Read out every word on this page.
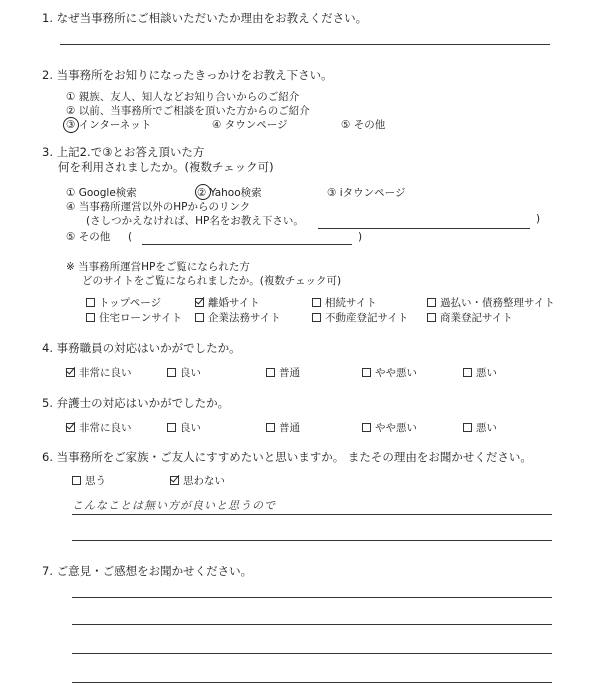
1. なぜ当事務所にご相談いただいたか理由をお教えください。
2. 当事務所をお知りになったきっかけをお教え下さい。
① 親族、友人、知人などお知り合いからのご紹介
② 以前、当事務所でご相談を頂いた方からのご紹介
③ インターネット	④ タウンページ	⑤ その他
3. 上記2.で③とお答え頂いた方
何を利用されましたか。(複数チェック可)
① Google検索	② Yahoo検索	③ iタウンページ
④ 当事務所運営以外のHPからのリンク
(さしつかえなければ、HP名をお教え下さい。	)
⑤ その他 (	)
※ 当事務所運営HPをご覧になられた方
どのサイトをご覧になられましたか。(複数チェック可)
トップページ	離婚サイト	相続サイト	過払い・債務整理サイト
住宅ローンサイト	企業法務サイト	不動産登記サイト	商業登記サイト
4. 事務職員の対応はいかがでしたか。
非常に良い	良い	普通	やや悪い	悪い
5. 弁護士の対応はいかがでしたか。
非常に良い	良い	普通	やや悪い	悪い
6. 当事務所をご家族・ご友人にすすめたいと思いますか。 またその理由をお聞かせください。
思う	思わない
こんなことは無い方が良いと思うので
7. ご意見・ご感想をお聞かせください。
